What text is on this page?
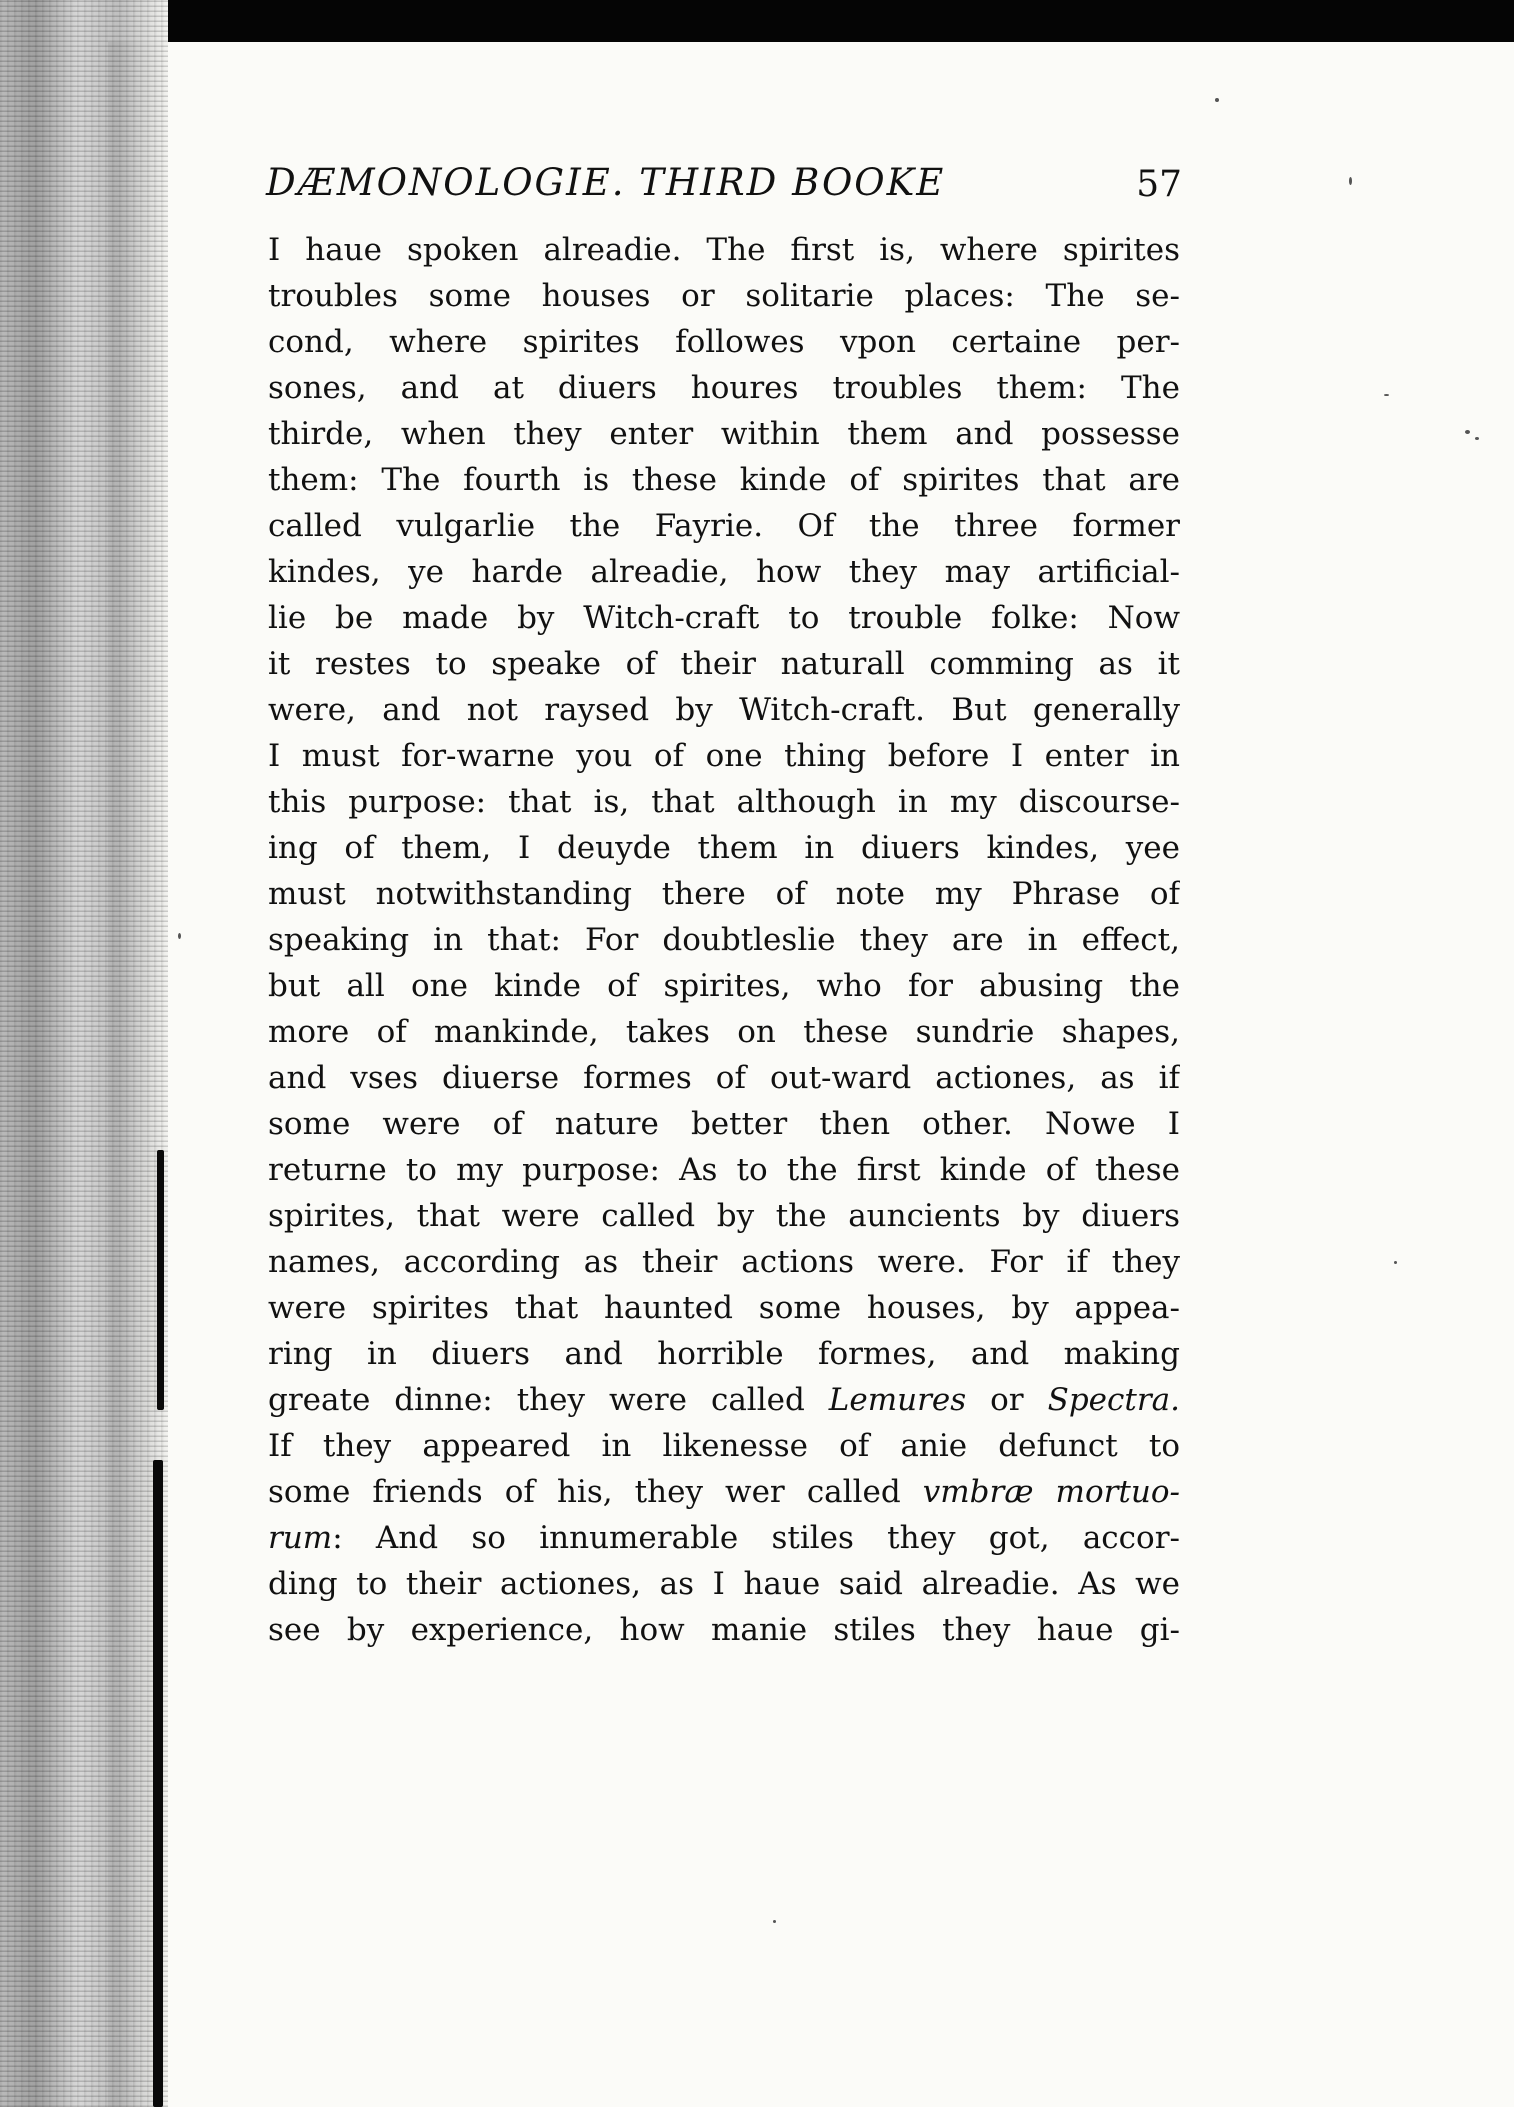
DÆMONOLOGIE. THIRD BOOKE	57
I haue spoken alreadie. The first is, where spirites
troubles some houses or solitarie places: The se-
cond, where spirites followes vpon certaine per-
sones, and at diuers houres troubles them: The
thirde, when they enter within them and possesse
them: The fourth is these kinde of spirites that are
called vulgarlie the Fayrie. Of the three former
kindes, ye harde alreadie, how they may artificial-
lie be made by Witch-craft to trouble folke: Now
it restes to speake of their naturall comming as it
were, and not raysed by Witch-craft. But generally
I must for-warne you of one thing before I enter in
this purpose: that is, that although in my discourse-
ing of them, I deuyde them in diuers kindes, yee
must notwithstanding there of note my Phrase of
speaking in that: For doubtleslie they are in effect,
but all one kinde of spirites, who for abusing the
more of mankinde, takes on these sundrie shapes,
and vses diuerse formes of out-ward actiones, as if
some were of nature better then other. Nowe I
returne to my purpose: As to the first kinde of these
spirites, that were called by the auncients by diuers
names, according as their actions were. For if they
were spirites that haunted some houses, by appea-
ring in diuers and horrible formes, and making
greate dinne: they were called Lemures or Spectra.
If they appeared in likenesse of anie defunct to
some friends of his, they wer called vmbræ mortuo-
rum: And so innumerable stiles they got, accor-
ding to their actiones, as I haue said alreadie. As we
see by experience, how manie stiles they haue gi-
